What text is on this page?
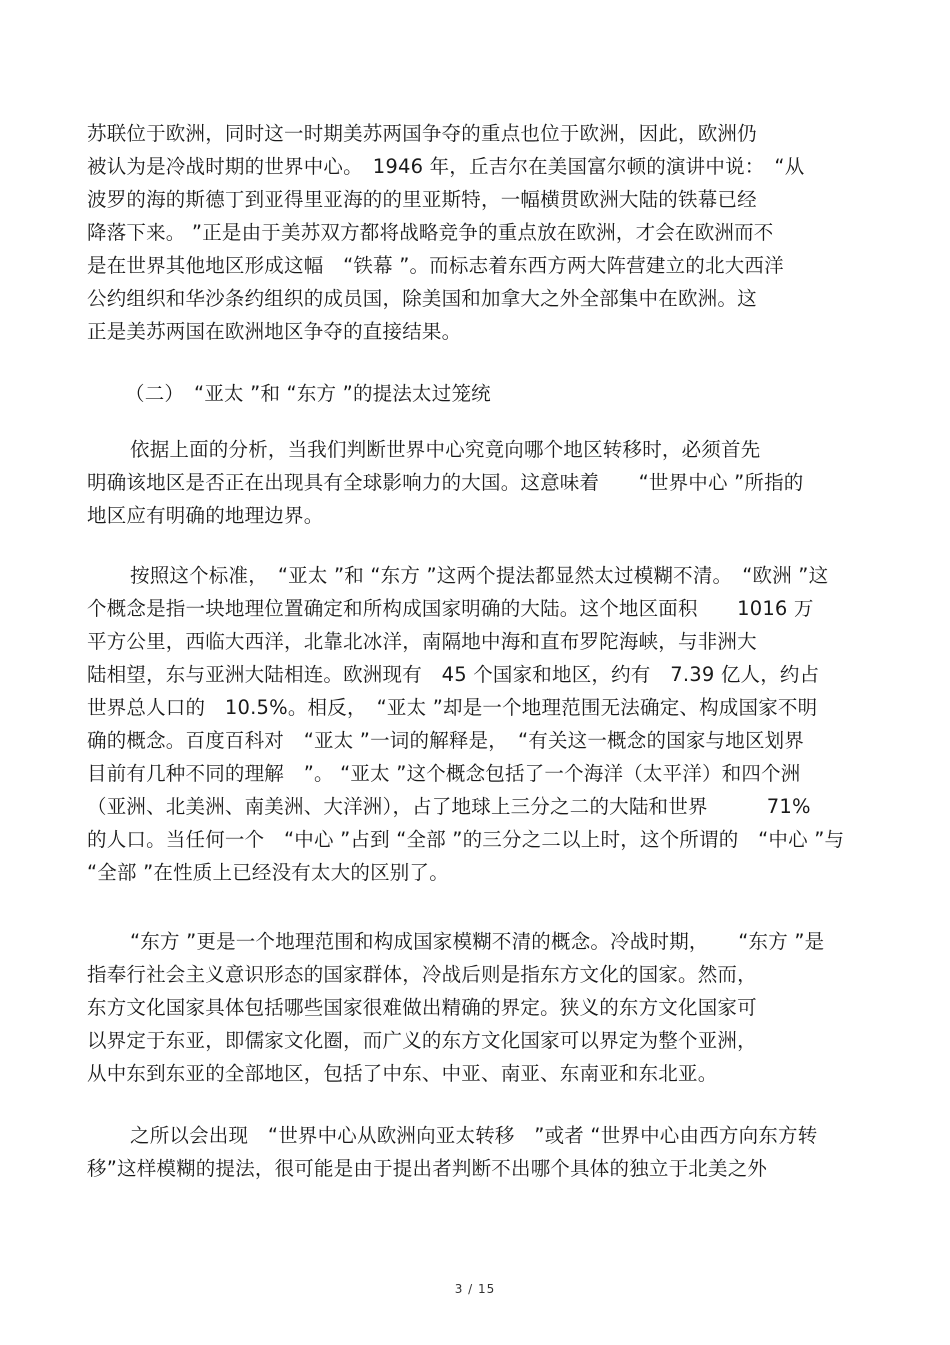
苏联位于欧洲，同时这一时期美苏两国争夺的重点也位于欧洲，因此，欧洲仍
被认为是冷战时期的世界中心。　1946 年，丘吉尔在美国富尔顿的演讲中说：　“从
波罗的海的斯德丁到亚得里亚海的的里亚斯特，一幅横贯欧洲大陆的铁幕已经
降落下来。 ”正是由于美苏双方都将战略竞争的重点放在欧洲，才会在欧洲而不
是在世界其他地区形成这幅　“铁幕 ”。而标志着东西方两大阵营建立的北大西洋
公约组织和华沙条约组织的成员国，除美国和加拿大之外全部集中在欧洲。这
正是美苏两国在欧洲地区争夺的直接结果。
（二）　“亚太 ”和 “东方 ”的提法太过笼统
依据上面的分析，当我们判断世界中心究竟向哪个地区转移时，必须首先
明确该地区是否正在出现具有全球影响力的大国。这意味着　　“世界中心 ”所指的
地区应有明确的地理边界。
按照这个标准，　“亚太 ”和 “东方 ”这两个提法都显然太过模糊不清。　“欧洲 ”这
个概念是指一块地理位置确定和所构成国家明确的大陆。这个地区面积　　1016 万
平方公里，西临大西洋，北靠北冰洋，南隔地中海和直布罗陀海峡，与非洲大
陆相望，东与亚洲大陆相连。欧洲现有　45 个国家和地区，约有　7.39 亿人，约占
世界总人口的　10.5%。相反，　“亚太 ”却是一个地理范围无法确定、构成国家不明
确的概念。百度百科对　“亚太 ”一词的解释是，　“有关这一概念的国家与地区划界
目前有几种不同的理解　”。 “亚太 ”这个概念包括了一个海洋（太平洋）和四个洲
（亚洲、北美洲、南美洲、大洋洲），占了地球上三分之二的大陆和世界　　　71%
的人口。当任何一个　“中心 ”占到 “全部 ”的三分之二以上时，这个所谓的　“中心 ”与
“全部 ”在性质上已经没有太大的区别了。
“东方 ”更是一个地理范围和构成国家模糊不清的概念。冷战时期，　　“东方 ”是
指奉行社会主义意识形态的国家群体，冷战后则是指东方文化的国家。然而，
东方文化国家具体包括哪些国家很难做出精确的界定。狭义的东方文化国家可
以界定于东亚，即儒家文化圈，而广义的东方文化国家可以界定为整个亚洲，
从中东到东亚的全部地区，包括了中东、中亚、南亚、东南亚和东北亚。
之所以会出现　“世界中心从欧洲向亚太转移　”或者 “世界中心由西方向东方转
移”这样模糊的提法，很可能是由于提出者判断不出哪个具体的独立于北美之外
3 / 15
